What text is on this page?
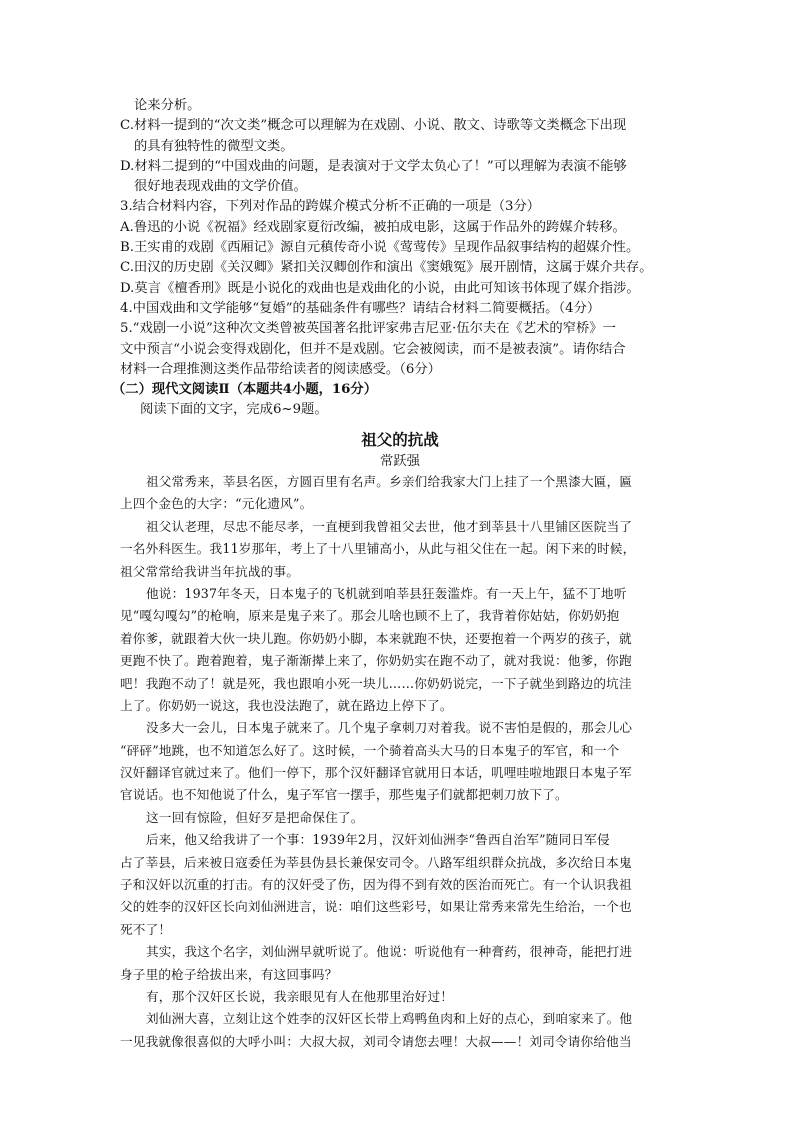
论来分析。
C.材料一提到的“次文类”概念可以理解为在戏剧、小说、散文、诗歌等文类概念下出现
的具有独特性的微型文类。
D.材料二提到的“中国戏曲的问题，是表演对于文学太负心了！”可以理解为表演不能够
很好地表现戏曲的文学价值。
3.结合材料内容，下列对作品的跨媒介模式分析不正确的一项是（3分）
A.鲁迅的小说《祝福》经戏剧家夏衍改编，被拍成电影，这属于作品外的跨媒介转移。
B.王实甫的戏剧《西厢记》源自元稹传奇小说《莺莺传》呈现作品叙事结构的超媒介性。
C.田汉的历史剧《关汉卿》紧扣关汉卿创作和演出《窦娥冤》展开剧情，这属于媒介共存。
D.莫言《檀香刑》既是小说化的戏曲也是戏曲化的小说，由此可知该书体现了媒介指涉。
4.中国戏曲和文学能够“复婚”的基础条件有哪些？请结合材料二简要概括。（4分）
5.“戏剧一小说”这种次文类曾被英国著名批评家弗吉尼亚·伍尔夫在《艺术的窄桥》一
文中预言“小说会变得戏剧化，但并不是戏剧。它会被阅读，而不是被表演”。请你结合
材料一合理推测这类作品带给读者的阅读感受。（6分）
（二）现代文阅读Ⅱ（本题共4小题，16分）
阅读下面的文字，完成6~9题。
祖父的抗战
常跃强
祖父常秀来，莘县名医，方圆百里有名声。乡亲们给我家大门上挂了一个黑漆大匾，匾
上四个金色的大字：“元化遗风”。
祖父认老理，尽忠不能尽孝，一直梗到我曾祖父去世，他才到莘县十八里铺区医院当了
一名外科医生。我11岁那年，考上了十八里铺高小，从此与祖父住在一起。闲下来的时候，
祖父常常给我讲当年抗战的事。
他说：1937年冬天，日本鬼子的飞机就到咱莘县狂轰滥炸。有一天上午，猛不丁地听
见“嘎勾嘎勾”的枪响，原来是鬼子来了。那会儿啥也顾不上了，我背着你姑姑，你奶奶抱
着你爹，就跟着大伙一块儿跑。你奶奶小脚，本来就跑不快，还要抱着一个两岁的孩子，就
更跑不快了。跑着跑着，鬼子渐渐撵上来了，你奶奶实在跑不动了，就对我说：他爹，你跑
吧！我跑不动了！就是死，我也跟咱小死一块儿……你奶奶说完，一下子就坐到路边的坑洼
上了。你奶奶一说这，我也没法跑了，就在路边上停下了。
没多大一会儿，日本鬼子就来了。几个鬼子拿刺刀对着我。说不害怕是假的，那会儿心
“砰砰”地跳，也不知道怎么好了。这时候，一个骑着高头大马的日本鬼子的军官，和一个
汉奸翻译官就过来了。他们一停下，那个汉奸翻译官就用日本话，叽哩哇啦地跟日本鬼子军
官说话。也不知他说了什么，鬼子军官一摆手，那些鬼子们就都把刺刀放下了。
这一回有惊险，但好歹是把命保住了。
后来，他又给我讲了一个事：1939年2月，汉奸刘仙洲李“鲁西自治军”随同日军侵
占了莘县，后来被日寇委任为莘县伪县长兼保安司令。八路军组织群众抗战，多次给日本鬼
子和汉奸以沉重的打击。有的汉奸受了伤，因为得不到有效的医治而死亡。有一个认识我祖
父的姓李的汉奸区长向刘仙洲进言，说：咱们这些彩号，如果让常秀来常先生给治，一个也
死不了！
其实，我这个名字，刘仙洲早就听说了。他说：听说他有一种膏药，很神奇，能把打进
身子里的枪子给拔出来，有这回事吗？
有，那个汉奸区长说，我亲眼见有人在他那里治好过！
刘仙洲大喜，立刻让这个姓李的汉奸区长带上鸡鸭鱼肉和上好的点心，到咱家来了。他
一见我就像很喜似的大呼小叫：大叔大叔，刘司令请您去哩！大叔——！刘司令请你给他当
